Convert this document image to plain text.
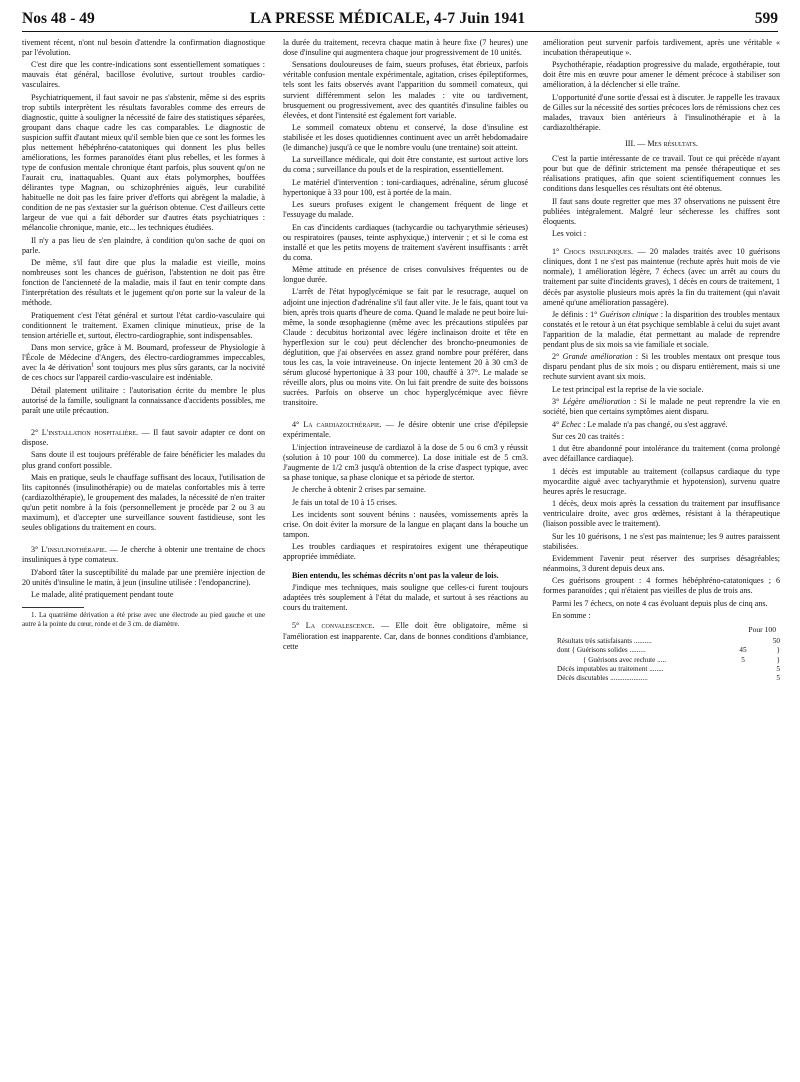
Nos 48 - 49	LA PRESSE MÉDICALE, 4-7 Juin 1941	599

tivement récent, n'ont nul besoin d'attendre la confirmation diagnostique par l'évolution.

C'est dire que les contre-indications sont essentiellement somatiques : mauvais état général, bacillose évolutive, surtout troubles cardio-vasculaires.

Psychiatriquement, il faut savoir ne pas s'abstenir, même si des esprits trop subtils interprètent les résultats favorables comme des erreurs de diagnostic, quitte à souligner la nécessité de faire des statistiques séparées, groupant dans chaque cadre les cas comparables. Le diagnostic de suspicion suffit d'autant mieux qu'il semble bien que ce sont les formes les plus nettement hébéphréno-catatoniques qui donnent les plus belles améliorations, les formes paranoïdes étant plus rebelles, et les formes à type de confusion mentale chronique étant parfois, plus souvent qu'on ne l'aurait cru, inattaquables. Quant aux états polymorphes, bouffées délirantes type Magnan, ou schizophrénies aiguës, leur curabilité habituelle ne doit pas les faire priver d'efforts qui abrègent la maladie, à condition de ne pas s'extasier sur la guérison obtenue. C'est d'ailleurs cette largeur de vue qui a fait déborder sur d'autres états psychiatriques : mélancolie chronique, manie, etc... les techniques étudiées.

Il n'y a pas lieu de s'en plaindre, à condition qu'on sache de quoi on parle.

De même, s'il faut dire que plus la maladie est vieille, moins nombreuses sont les chances de guérison, l'abstention ne doit pas être fonction de l'ancienneté de la maladie, mais il faut en tenir compte dans l'interprétation des résultats et le jugement qu'on porte sur la valeur de la méthode.

Pratiquement c'est l'état général et surtout l'état cardio-vasculaire qui conditionnent le traitement. Examen clinique minutieux, prise de la tension artérielle et, surtout, électro-cardiographie, sont indispensables.

Dans mon service, grâce à M. Boumard, professeur de Physiologie à l'École de Médecine d'Angers, des électro-cardiogrammes impeccables, avec la 4e dérivation$^1$ sont toujours mes plus sûrs garants, car la nocivité de ces chocs sur l'appareil cardio-vasculaire est indéniable.

Détail platement utilitaire : l'autorisation écrite du membre le plus autorisé de la famille, soulignant la connaissance d'accidents possibles, me paraît une utile précaution.

2° L'installation hospitalière. — Il faut savoir adapter ce dont on dispose.

Sans doute il est toujours préférable de faire bénéficier les malades du plus grand confort possible.

Mais en pratique, seuls le chauffage suffisant des locaux, l'utilisation de lits capitonnés (insulinothérapie) ou de matelas confortables mis à terre (cardiazolthérapie), le groupement des malades, la nécessité de n'en traiter qu'un petit nombre à la fois (personnellement je procède par 2 ou 3 au maximum), et d'accepter une surveillance souvent fastidieuse, sont les seules obligations du traitement en cours.

3° L'insulinothérapie. — Je cherche à obtenir une trentaine de chocs insuliniques à type comateux.

D'abord tâter la susceptibilité du malade par une première injection de 20 unités d'insuline le matin, à jeun (insuline utilisée : l'endopancrine).

Le malade, alité pratiquement pendant toute

1. La quatrième dérivation a été prise avec une électrode au pied gauche et une autre à la pointe du cœur, ronde et de 3 cm. de diamètre.

la durée du traitement, recevra chaque matin à heure fixe (7 heures) une dose d'insuline qui augmentera chaque jour progressivement de 10 unités.

Sensations douloureuses de faim, sueurs profuses, état ébrieux, parfois véritable confusion mentale expérimentale, agitation, crises épileptiformes, tels sont les faits observés avant l'apparition du sommeil comateux, qui survient différemment selon les malades : vite ou tardivement, brusquement ou progressivement, avec des quantités d'insuline faibles ou élevées, et dont l'intensité est également fort variable.

Le sommeil comateux obtenu et conservé, la dose d'insuline est stabilisée et les doses quotidiennes continuent avec un arrêt hebdomadaire (le dimanche) jusqu'à ce que le nombre voulu (une trentaine) soit atteint.

La surveillance médicale, qui doit être constante, est surtout active lors du coma ; surveillance du pouls et de la respiration, essentiellement.

Le matériel d'intervention : toni-cardiaques, adrénaline, sérum glucosé hypertonique à 33 pour 100, est à portée de la main.

Les sueurs profuses exigent le changement fréquent de linge et l'essuyage du malade.

En cas d'incidents cardiaques (tachycardie ou tachyarythmie sérieuses) ou respiratoires (pauses, teinte asphyxique,) intervenir ; et si le coma est installé et que les petits moyens de traitement s'avèrent insuffisants : arrêt du coma.

Même attitude en présence de crises convulsives fréquentes ou de longue durée.

L'arrêt de l'état hypoglycémique se fait par le resucrage, auquel on adjoint une injection d'adrénaline s'il faut aller vite. Je le fais, quant tout va bien, après trois quarts d'heure de coma. Quand le malade ne peut boire lui-même, la sonde œsophagienne (même avec les précautions stipulées par Claude : decubitus horizontal avec légère inclinaison droite et tête en hyperflexion sur le cou) peut déclencher des broncho-pneumonies de déglutition, que j'ai observées en assez grand nombre pour préférer, dans tous les cas, la voie intraveineuse. On injecte lentement 20 à 30 cm3 de sérum glucosé hypertonique à 33 pour 100, chauffé à 37°. Le malade se réveille alors, plus ou moins vite. On lui fait prendre de suite des boissons sucrées. Parfois on observe un choc hyperglycémique avec fièvre transitoire.

4° La cardiazolthérapie. — Je désire obtenir une crise d'épilepsie expérimentale.

L'injection intraveineuse de cardiazol à la dose de 5 ou 6 cm3 y réussit (solution à 10 pour 100 du commerce). La dose initiale est de 5 cm3. J'augmente de 1/2 cm3 jusqu'à obtention de la crise d'aspect typique, avec sa phase tonique, sa phase clonique et sa période de stertor.

Je cherche à obtenir 2 crises par semaine.

Je fais un total de 10 à 15 crises.

Les incidents sont souvent bénins : nausées, vomissements après la crise. On doit éviter la morsure de la langue en plaçant dans la bouche un tampon.

Les troubles cardiaques et respiratoires exigent une thérapeutique appropriée immédiate.

Bien entendu, les schémas décrits n'ont pas la valeur de lois.

J'indique mes techniques, mais souligne que celles-ci furent toujours adaptées très souplement à l'état du malade, et surtout à ses réactions au cours du traitement.

5° La convalescence. — Elle doit être obligatoire, même si l'amélioration est inapparente. Car, dans de bonnes conditions d'ambiance, cette

amélioration peut survenir parfois tardivement, après une véritable « incubation thérapeutique ».

Psychothérapie, réadaption progressive du malade, ergothérapie, tout doit être mis en œuvre pour amener le dément précoce à stabiliser son amélioration, à la déclencher si elle traîne.

L'opportunité d'une sortie d'essai est à discuter. Je rappelle les travaux de Gilles sur la nécessité des sorties précoces lors de rémissions chez ces malades, travaux bien antérieurs à l'insulinothérapie et à la cardiazolthérapie.

III. — Mes résultats.

C'est la partie intéressante de ce travail. Tout ce qui précède n'ayant pour but que de définir strictement ma pensée thérapeutique et ses réalisations pratiques, afin que soient scientifiquement connues les conditions dans lesquelles ces résultats ont été obtenus.

Il faut sans doute regretter que mes 37 observations ne puissent être publiées intégralement. Malgré leur sécheresse les chiffres sont éloquents.

Les voici :

1° Chocs insuliniques. — 20 malades traités avec 10 guérisons cliniques, dont 1 ne s'est pas maintenue (rechute après huit mois de vie normale), 1 amélioration légère, 7 échecs (avec un arrêt au cours du traitement par suite d'incidents graves), 1 décès en cours de traitement, 1 décès par asystolie plusieurs mois après la fin du traitement (qui n'avait amené qu'une amélioration passagère).

Je définis : 1° Guérison clinique : la disparition des troubles mentaux constatés et le retour à un état psychique semblable à celui du sujet avant l'apparition de la maladie, état permettant au malade de reprendre pendant plus de six mois sa vie familiale et sociale.

2° Grande amélioration : Si les troubles mentaux ont presque tous disparu pendant plus de six mois ; ou disparu entièrement, mais si une rechute survient avant six mois.

Le test principal est la reprise de la vie sociale.

3° Légère amélioration : Si le malade ne peut reprendre la vie en société, bien que certains symptômes aient disparu.

4° Echec : Le malade n'a pas changé, ou s'est aggravé.

Sur ces 20 cas traités :

1 dut être abandonné pour intolérance du traitement (coma prolongé avec défaillance cardiaque).

1 décès est imputable au traitement (collapsus cardiaque du type myocardite aiguë avec tachyarythmie et hypotension), survenu quatre heures après le resucrage.

1 décès, deux mois après la cessation du traitement par insuffisance ventriculaire droite, avec gros œdèmes, résistant à la thérapeutique (liaison possible avec le traitement).

Sur les 10 guérisons, 1 ne s'est pas maintenue; les 9 autres paraissent stabilisées.

Evidemment l'avenir peut réserver des surprises désagréables; néanmoins, 3 durent depuis deux ans.

Ces guérisons groupent : 4 formes hébéphréno-catatoniques ; 6 formes paranoïdes ; qui n'étaient pas vieilles de plus de trois ans.

Parmi les 7 échecs, on note 4 cas évoluant depuis plus de cinq ans.

En somme :

Pour 100
Résultats très satisfaisants ..........	50
dont { Guérisons solides .........	45	}
{ Guérisons avec rechute .....	5	}
Décès imputables au traitement ........	5
Décès discutables .....................	5
